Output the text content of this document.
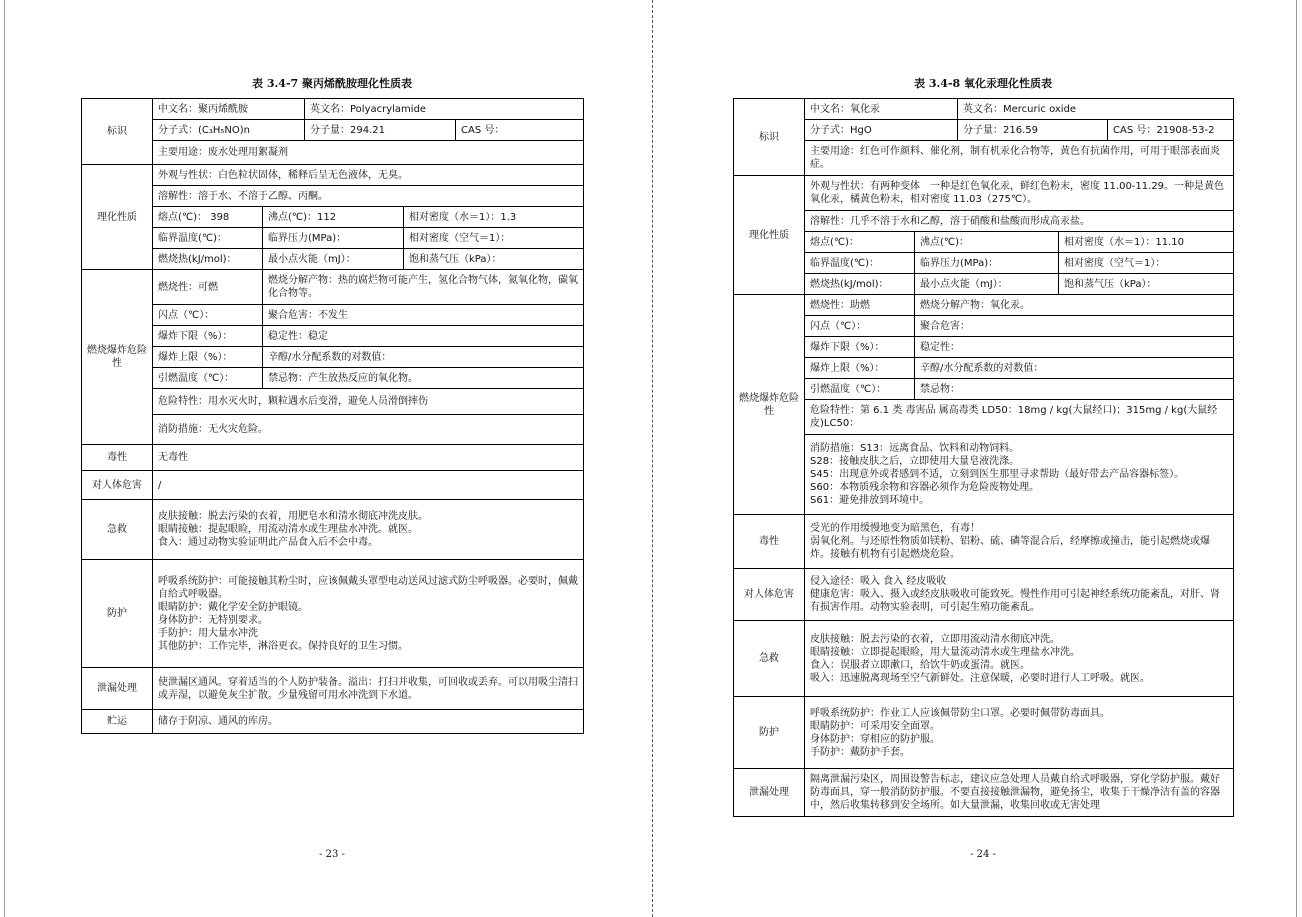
表 3.4-7 聚丙烯酰胺理化性质表
标识	中文名：聚丙烯酰胺		英文名：Polyacrylamide		
	分子式：(C₃H₅NO)n		分子量：294.21		CAS 号：
	主要用途：废水处理用絮凝剂				
理化性质	外观与性状：白色粒状固体，稀释后呈无色液体，无臭。				
	溶解性：溶于水、不溶于乙醇、丙酮。				
	熔点(℃)： 398	沸点(℃)：112		相对密度（水＝1）：1.3	
	临界温度(℃)：	临界压力(MPa)：		相对密度（空气＝1）：	
	燃烧热(kJ/mol)：	最小点火能（mJ）：		饱和蒸气压（kPa）：	
燃烧爆炸危险性	燃烧性：可燃	燃烧分解产物：热的腐烂物可能产生，氢化合物气体，氮氧化物，碳氧化合物等。			
	闪点（℃）：	聚合危害：不发生			
	爆炸下限（%）：	稳定性：稳定			
	爆炸上限（%）：	辛醇/水分配系数的对数值：			
	引燃温度（℃）：	禁忌物：产生放热反应的氧化物。			
	危险特性：用水灭火时，颗粒遇水后变滑，避免人员滑倒摔伤				
	消防措施：无火灾危险。				
毒性	无毒性				
对人体危害	/				
急救	皮肤接触：脱去污染的衣着，用肥皂水和清水彻底冲洗皮肤。
眼睛接触：提起眼睑，用流动清水或生理盐水冲洗。就医。
食入：通过动物实验证明此产品食入后不会中毒。				

防护	呼吸系统防护：可能接触其粉尘时，应该佩戴头罩型电动送风过滤式防尘呼吸器。必要时，佩戴自给式呼吸器。
眼睛防护：戴化学安全防护眼镜。
身体防护：无特别要求。
手防护：用大量水冲洗
其他防护：工作完毕，淋浴更衣。保持良好的卫生习惯。				

泄漏处理	使泄漏区通风。穿着适当的个人防护装备。溢出：打扫并收集，可回收或丢弃。可以用吸尘清扫或弄湿，以避免灰尘扩散。少量残留可用水冲洗到下水道。				
贮运	储存于阴凉、通风的库房。				
- 23 -
表 3.4-8 氧化汞理化性质表
标识	中文名：氧化汞		英文名：Mercuric oxide		
	分子式：HgO		分子量：216.59		CAS 号：21908-53-2
	主要用途：红色可作颜料、催化剂，制有机汞化合物等，黄色有抗菌作用，可用于眼部表面炎症。				
理化性质	外观与性状：有两种变体　一种是红色氧化汞，鲜红色粉末，密度 11.00-11.29。一种是黄色氧化汞，橘黄色粉末，相对密度 11.03（275℃）。				
	溶解性：几乎不溶于水和乙醇，溶于硝酸和盐酸而形成高汞盐。				
	熔点(℃)：	沸点(℃)：		相对密度（水＝1）：11.10	
	临界温度(℃)：	临界压力(MPa)：		相对密度（空气＝1）：	
	燃烧热(kJ/mol)：	最小点火能（mJ）：		饱和蒸气压（kPa）：	
燃烧爆炸危险性	燃烧性：助燃	燃烧分解产物：氧化汞。			
	闪点（℃）：	聚合危害：			
	爆炸下限（%）：	稳定性：			
	爆炸上限（%）：	辛醇/水分配系数的对数值：			
	引燃温度（℃）：	禁忌物：			
	危险特性：第 6.1 类 毒害品 属高毒类 LD50：18mg / kg(大鼠经口)；315mg / kg(大鼠经皮)LC50：				

	消防措施：S13：远离食品、饮料和动物饲料。
S28：接触皮肤之后，立即使用大量皂液洗涤。
S45：出现意外或者感到不适，立刻到医生那里寻求帮助（最好带去产品容器标签）。
S60：本物质残余物和容器必须作为危险废物处理。
S61：避免排放到环境中。				

毒性	受光的作用缓慢地变为暗黑色，有毒！
弱氧化剂。与还原性物质如镁粉、铝粉、硫、磷等混合后，经摩擦或撞击，能引起燃烧或爆炸。接触有机物有引起燃烧危险。				

对人体危害	侵入途径：吸入 食入 经皮吸收
健康危害：吸入、摄入或经皮肤吸收可能致死。慢性作用可引起神经系统功能紊乱，对肝、肾有损害作用。动物实验表明，可引起生殖功能紊乱。				

急救	皮肤接触：脱去污染的衣着，立即用流动清水彻底冲洗。
眼睛接触：立即提起眼睑，用大量流动清水或生理盐水冲洗。
食入：误服者立即漱口，给饮牛奶或蛋清。就医。
吸入：迅速脱离现场至空气新鲜处。注意保暖，必要时进行人工呼吸。就医。				

防护	呼吸系统防护：作业工人应该佩带防尘口罩。必要时佩带防毒面具。
眼睛防护：可采用安全面罩。
身体防护：穿相应的防护服。
手防护：戴防护手套。				

泄漏处理	隔离泄漏污染区，周围设警告标志，建议应急处理人员戴自给式呼吸器，穿化学防护服。戴好防毒面具，穿一般消防防护服。不要直接接触泄漏物，避免扬尘，收集于干燥净洁有盖的容器中，然后收集转移到安全场所。如大量泄漏，收集回收或无害处理				
- 24 -
